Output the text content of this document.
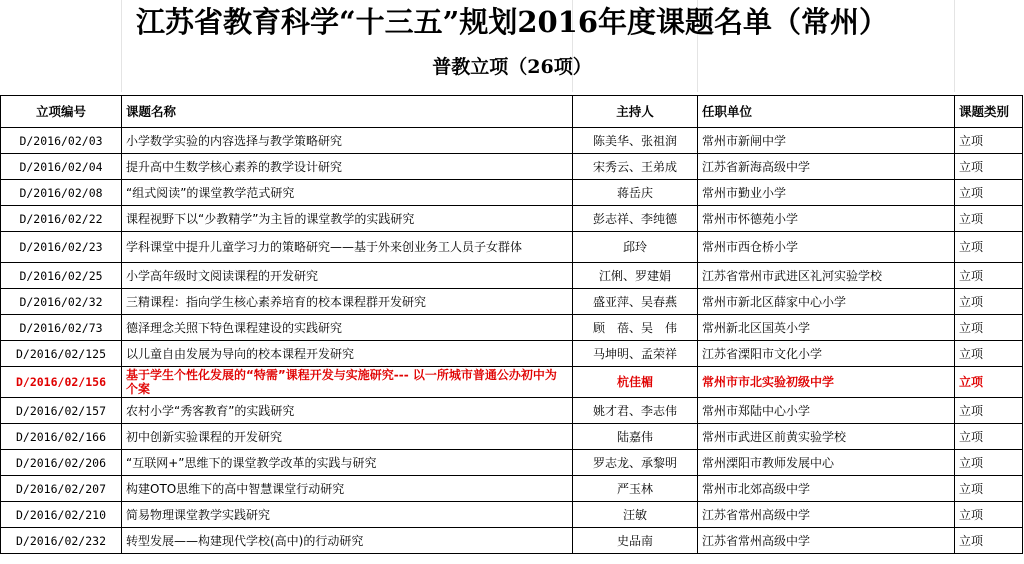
江苏省教育科学“十三五”规划2016年度课题名单（常州）
普教立项（26项）
立项编号	课题名称	主持人	任职单位	课题类别
D/2016/02/03	小学数学实验的内容选择与教学策略研究	陈美华、张祖润	常州市新闸中学	立项
D/2016/02/04	提升高中生数学核心素养的教学设计研究	宋秀云、王弟成	江苏省新海高级中学	立项
D/2016/02/08	“组式阅读”的课堂教学范式研究	蒋岳庆	常州市勤业小学	立项
D/2016/02/22	课程视野下以“少教精学”为主旨的课堂教学的实践研究	彭志祥、李纯德	常州市怀德苑小学	立项
D/2016/02/23	学科课堂中提升儿童学习力的策略研究——基于外来创业务工人员子女群体	邱玲	常州市西仓桥小学	立项
D/2016/02/25	小学高年级时文阅读课程的开发研究	江俐、罗建娟	江苏省常州市武进区礼河实验学校	立项
D/2016/02/32	三精课程：指向学生核心素养培育的校本课程群开发研究	盛亚萍、吴春燕	常州市新北区薛家中心小学	立项
D/2016/02/73	德泽理念关照下特色课程建设的实践研究	顾　蓓、吴　伟	常州新北区国英小学	立项
D/2016/02/125	以儿童自由发展为导向的校本课程开发研究	马坤明、孟荣祥	江苏省溧阳市文化小学	立项
D/2016/02/156	基于学生个性化发展的“特需”课程开发与实施研究--- 以一所城市普通公办初中为个案	杭佳楣	常州市市北实验初级中学	立项
D/2016/02/157	农村小学“秀客教育”的实践研究	姚才君、李志伟	常州市郑陆中心小学	立项
D/2016/02/166	初中创新实验课程的开发研究	陆嘉伟	常州市武进区前黄实验学校	立项
D/2016/02/206	“互联网+”思维下的课堂教学改革的实践与研究	罗志龙、承黎明	常州溧阳市教师发展中心	立项
D/2016/02/207	构建OTO思维下的高中智慧课堂行动研究	严玉林	常州市北郊高级中学	立项
D/2016/02/210	简易物理课堂教学实践研究	汪敏	江苏省常州高级中学	立项
D/2016/02/232	转型发展——构建现代学校(高中)的行动研究	史品南	江苏省常州高级中学	立项
